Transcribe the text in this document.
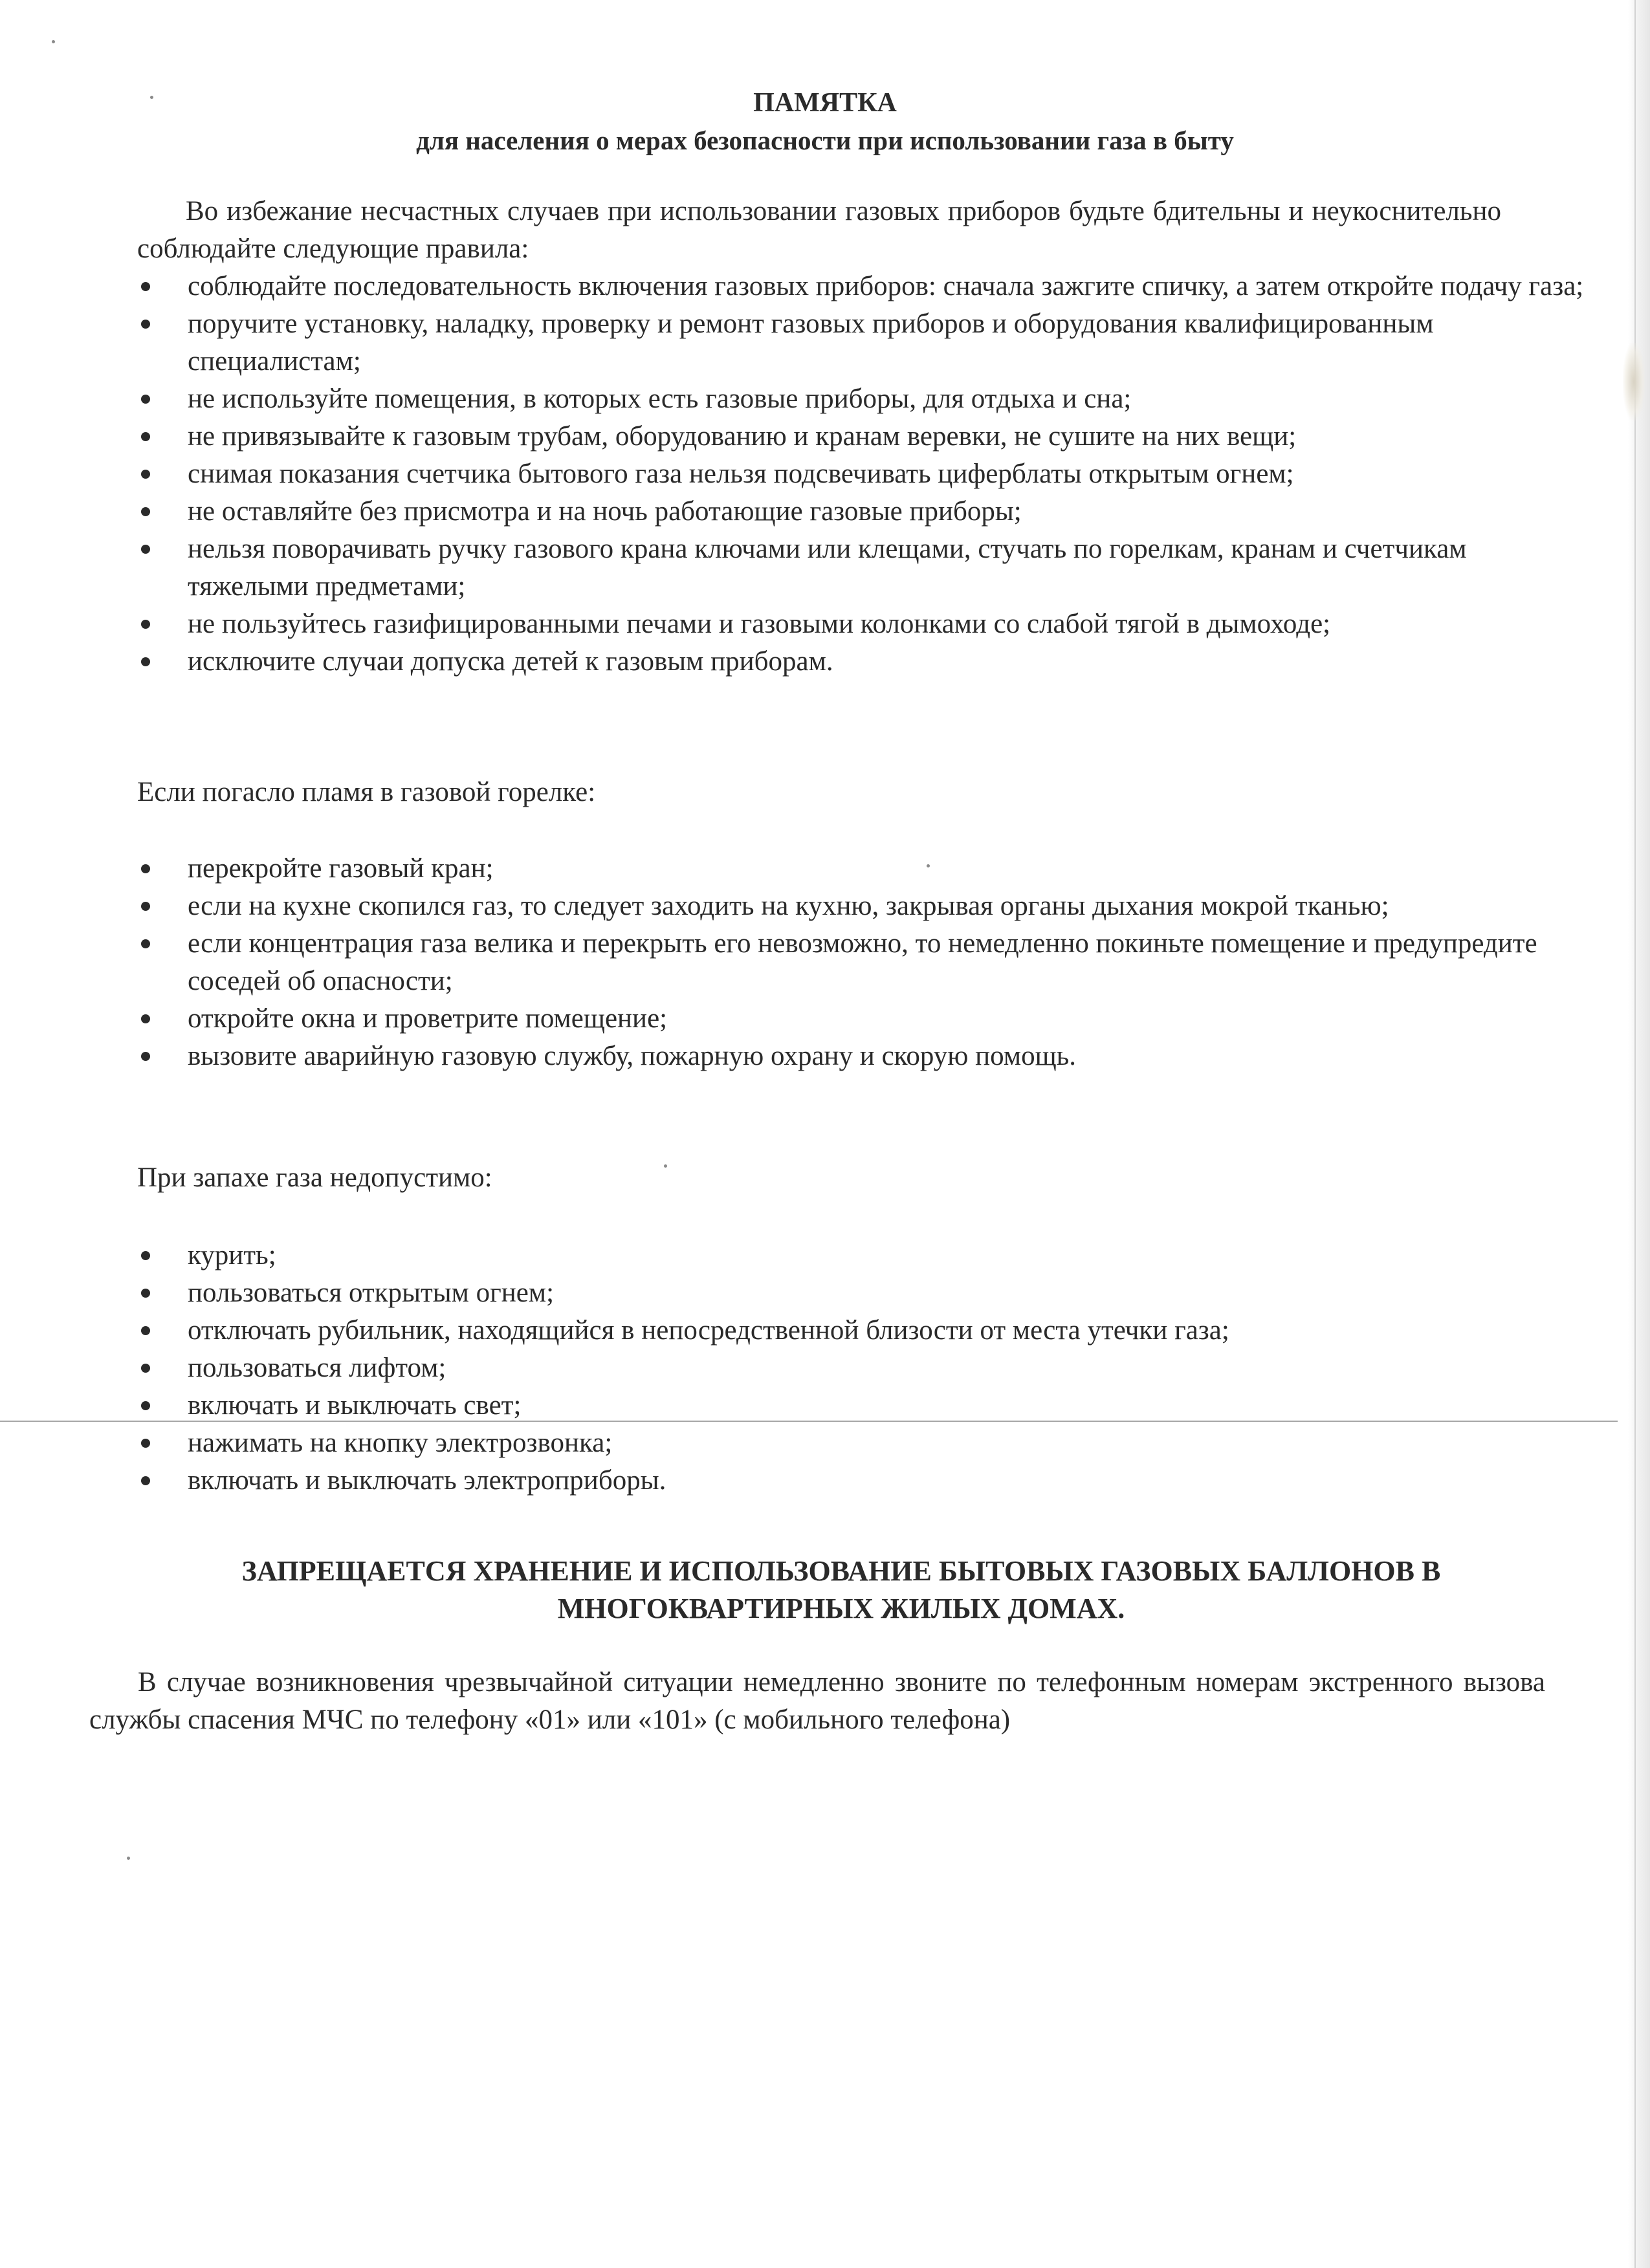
ПАМЯТКА
для населения о мерах безопасности при использовании газа в быту

Во избежание несчастных случаев при использовании газовых приборов будьте бдительны и неукоснительно соблюдайте следующие правила:

соблюдайте последовательность включения газовых приборов: сначала зажгите спичку, а затем откройте подачу газа;
поручите установку, наладку, проверку и ремонт газовых приборов и оборудования квалифицированным специалистам;
не используйте помещения, в которых есть газовые приборы, для отдыха и сна;
не привязывайте к газовым трубам, оборудованию и кранам веревки, не сушите на них вещи;
снимая показания счетчика бытового газа нельзя подсвечивать циферблаты открытым огнем;
не оставляйте без присмотра и на ночь работающие газовые приборы;
нельзя поворачивать ручку газового крана ключами или клещами, стучать по горелкам, кранам и счетчикам тяжелыми предметами;
не пользуйтесь газифицированными печами и газовыми колонками со слабой тягой в дымоходе;
исключите случаи допуска детей к газовым приборам.

Если погасло пламя в газовой горелке:

перекройте газовый кран;
если на кухне скопился газ, то следует заходить на кухню, закрывая органы дыхания мокрой тканью;
если концентрация газа велика и перекрыть его невозможно, то немедленно покиньте помещение и предупредите соседей об опасности;
откройте окна и проветрите помещение;
вызовите аварийную газовую службу, пожарную охрану и скорую помощь.

При запахе газа недопустимо:

курить;
пользоваться открытым огнем;
отключать рубильник, находящийся в непосредственной близости от места утечки газа;
пользоваться лифтом;
включать и выключать свет;
нажимать на кнопку электрозвонка;
включать и выключать электроприборы.

ЗАПРЕЩАЕТСЯ ХРАНЕНИЕ И ИСПОЛЬЗОВАНИЕ БЫТОВЫХ ГАЗОВЫХ БАЛЛОНОВ В

МНОГОКВАРТИРНЫХ ЖИЛЫХ ДОМАХ.

В случае возникновения чрезвычайной ситуации немедленно звоните по телефонным номерам экстренного вызова службы спасения МЧС по телефону «01» или «101» (с мобильного телефона)
